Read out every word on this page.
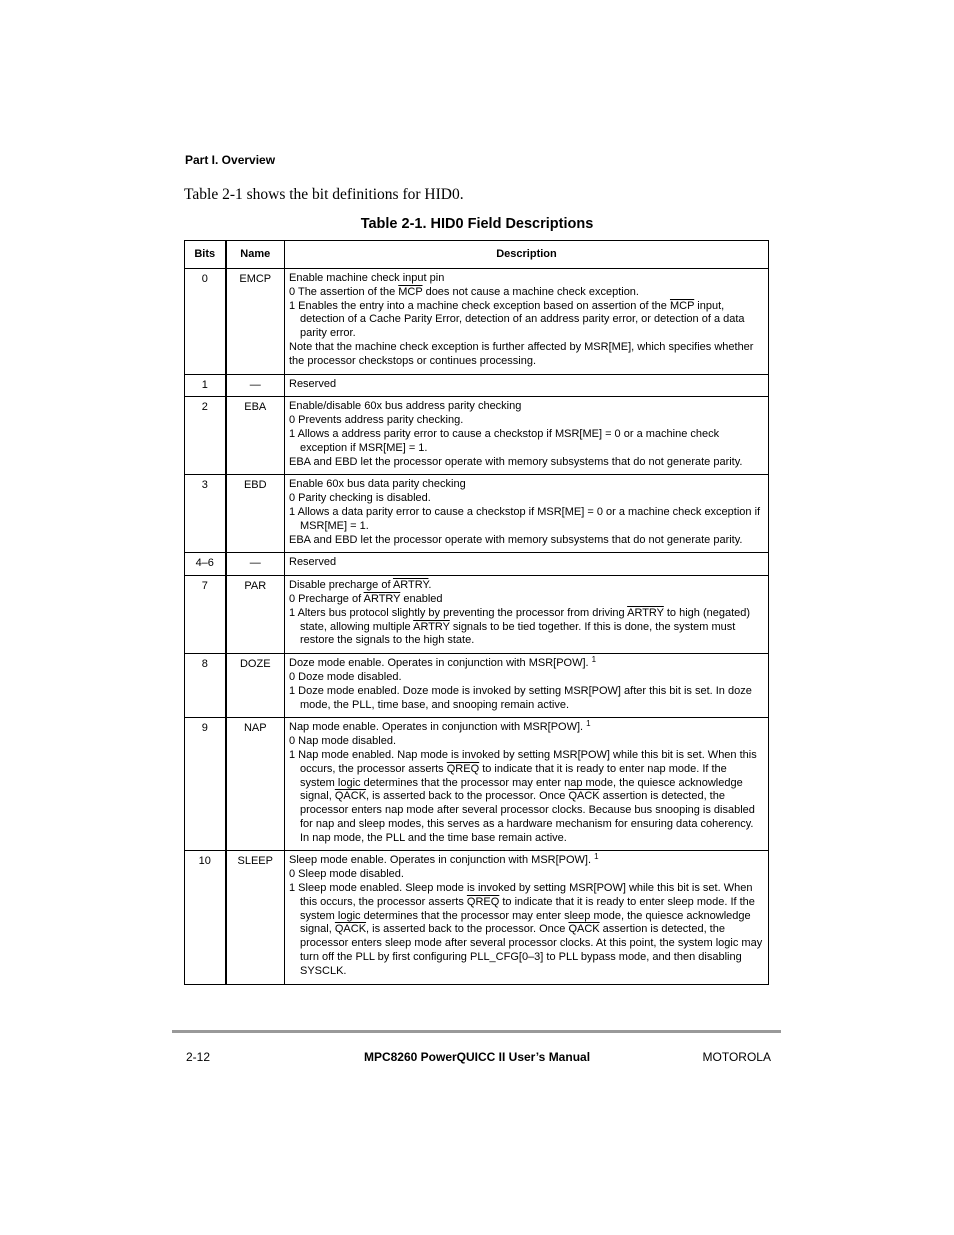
Part I. Overview
Table 2-1 shows the bit definitions for HID0.
Table 2-1. HID0 Field Descriptions
Bits	Name	Description
0	EMCP	Enable machine check input pin
0 The assertion of the $\overline{MCP}$ does not cause a machine check exception.
1 Enables the entry into a machine check exception based on assertion of the $\overline{MCP}$ input, detection of a Cache Parity Error, detection of an address parity error, or detection of a data parity error.
Note that the machine check exception is further affected by MSR[ME], which specifies whether the processor checkstops or continues processing.

1	—	Reserved

2	EBA	Enable/disable 60x bus address parity checking
0 Prevents address parity checking.
1 Allows a address parity error to cause a checkstop if MSR[ME] = 0 or a machine check exception if MSR[ME] = 1.
EBA and EBD let the processor operate with memory subsystems that do not generate parity.

3	EBD	Enable 60x bus data parity checking
0 Parity checking is disabled.
1 Allows a data parity error to cause a checkstop if MSR[ME] = 0 or a machine check exception if MSR[ME] = 1.
EBA and EBD let the processor operate with memory subsystems that do not generate parity.

4–6	—	Reserved

7	PAR	Disable precharge of ARTRY.
0 Precharge of ARTRY enabled
1 Alters bus protocol slightly by preventing the processor from driving ARTRY to high (negated) state, allowing multiple ARTRY signals to be tied together. If this is done, the system must restore the signals to the high state.

8	DOZE	Doze mode enable. Operates in conjunction with MSR[POW]. $^1$
0 Doze mode disabled.
1 Doze mode enabled. Doze mode is invoked by setting MSR[POW] after this bit is set. In doze mode, the PLL, time base, and snooping remain active.

9	NAP	Nap mode enable. Operates in conjunction with MSR[POW]. $^1$
0 Nap mode disabled.
1 Nap mode enabled. Nap mode is invoked by setting MSR[POW] while this bit is set. When this occurs, the processor asserts QREQ to indicate that it is ready to enter nap mode. If the system logic determines that the processor may enter nap mode, the quiesce acknowledge signal, QACK, is asserted back to the processor. Once QACK assertion is detected, the processor enters nap mode after several processor clocks. Because bus snooping is disabled for nap and sleep modes, this serves as a hardware mechanism for ensuring data coherency. In nap mode, the PLL and the time base remain active.

10	SLEEP	Sleep mode enable. Operates in conjunction with MSR[POW]. $^1$
0 Sleep mode disabled.
1 Sleep mode enabled. Sleep mode is invoked by setting MSR[POW] while this bit is set. When this occurs, the processor asserts QREQ to indicate that it is ready to enter sleep mode. If the system logic determines that the processor may enter sleep mode, the quiesce acknowledge signal, QACK, is asserted back to the processor. Once QACK assertion is detected, the processor enters sleep mode after several processor clocks. At this point, the system logic may turn off the PLL by first configuring PLL_CFG[0–3] to PLL bypass mode, and then disabling SYSCLK.
2-12	MPC8260 PowerQUICC II User’s Manual	MOTOROLA
